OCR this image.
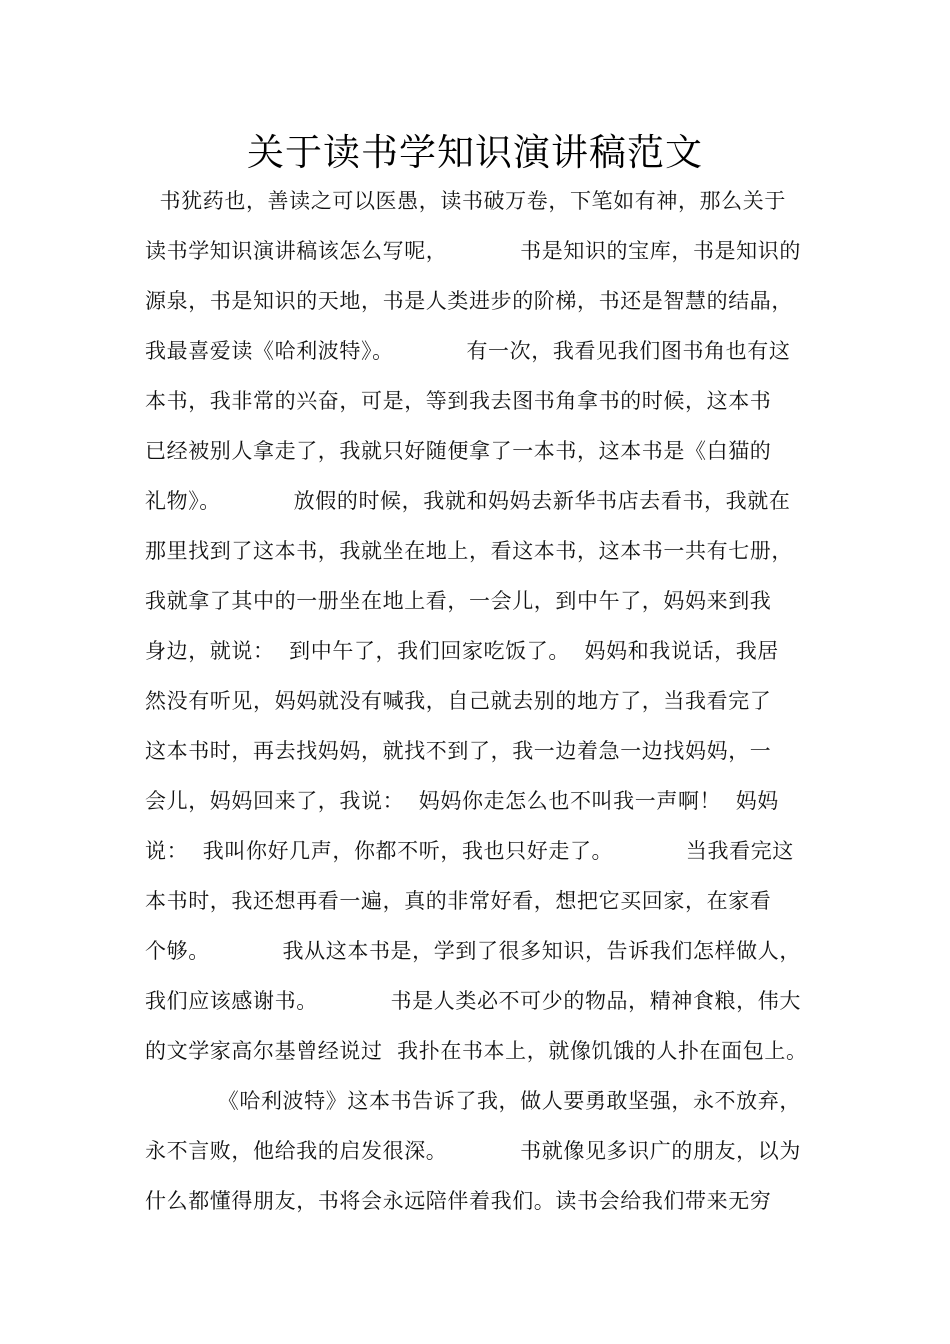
关于读书学知识演讲稿范文
书犹药也，善读之可以医愚，读书破万卷，下笔如有神，那么关于
读书学知识演讲稿该怎么写呢，          书是知识的宝库，书是知识的
源泉，书是知识的天地，书是人类进步的阶梯，书还是智慧的结晶，
我最喜爱读《哈利波特》。          有一次，我看见我们图书角也有这
本书，我非常的兴奋，可是，等到我去图书角拿书的时候，这本书
已经被别人拿走了，我就只好随便拿了一本书，这本书是《白猫的
礼物》。          放假的时候，我就和妈妈去新华书店去看书，我就在
那里找到了这本书，我就坐在地上，看这本书，这本书一共有七册，
我就拿了其中的一册坐在地上看，一会儿，到中午了，妈妈来到我
身边，就说：  到中午了，我们回家吃饭了。  妈妈和我说话，我居
然没有听见，妈妈就没有喊我，自己就去别的地方了，当我看完了
这本书时，再去找妈妈，就找不到了，我一边着急一边找妈妈，一
会儿，妈妈回来了，我说：  妈妈你走怎么也不叫我一声啊！  妈妈
说：  我叫你好几声，你都不听，我也只好走了。          当我看完这
本书时，我还想再看一遍，真的非常好看，想把它买回家，在家看
个够。          我从这本书是，学到了很多知识，告诉我们怎样做人，
我们应该感谢书。          书是人类必不可少的物品，精神食粮，伟大
的文学家高尔基曾经说过  我扑在书本上，就像饥饿的人扑在面包上。
《哈利波特》这本书告诉了我，做人要勇敢坚强，永不放弃，
永不言败，他给我的启发很深。          书就像见多识广的朋友，以为
什么都懂得朋友，书将会永远陪伴着我们。读书会给我们带来无穷
